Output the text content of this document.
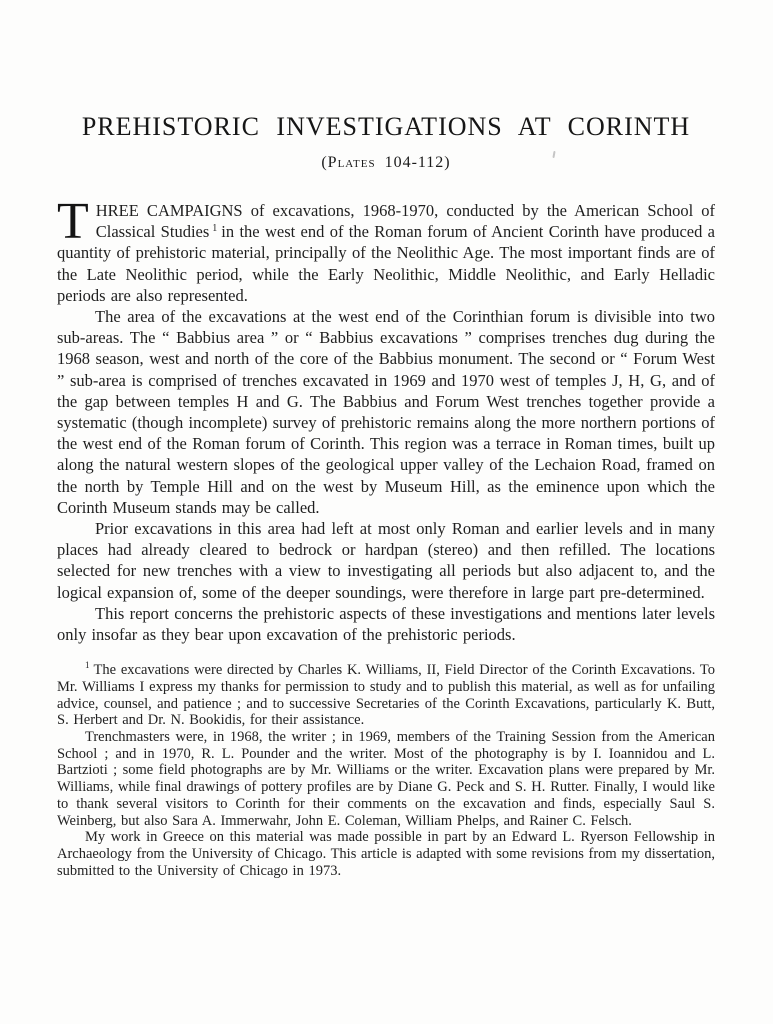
PREHISTORIC INVESTIGATIONS AT CORINTH
(Plates 104-112)

THREE CAMPAIGNS of excavations, 1968-1970, conducted by the American School of Classical Studies $^1$ in the west end of the Roman forum of Ancient Corinth have produced a quantity of prehistoric material, principally of the Neolithic Age. The most important finds are of the Late Neolithic period, while the Early Neolithic, Middle Neolithic, and Early Helladic periods are also represented.

The area of the excavations at the west end of the Corinthian forum is divisible into two sub-areas. The “ Babbius area ” or “ Babbius excavations ” comprises trenches dug during the 1968 season, west and north of the core of the Babbius monument. The second or “ Forum West ” sub-area is comprised of trenches excavated in 1969 and 1970 west of temples J, H, G, and of the gap between temples H and G. The Babbius and Forum West trenches together provide a systematic (though incomplete) survey of prehistoric remains along the more northern portions of the west end of the Roman forum of Corinth. This region was a terrace in Roman times, built up along the natural western slopes of the geological upper valley of the Lechaion Road, framed on the north by Temple Hill and on the west by Museum Hill, as the eminence upon which the Corinth Museum stands may be called.

Prior excavations in this area had left at most only Roman and earlier levels and in many places had already cleared to bedrock or hardpan (stereo) and then refilled. The locations selected for new trenches with a view to investigating all periods but also adjacent to, and the logical expansion of, some of the deeper soundings, were therefore in large part pre-determined.

This report concerns the prehistoric aspects of these investigations and mentions later levels only insofar as they bear upon excavation of the prehistoric periods.

$^1$ The excavations were directed by Charles K. Williams, II, Field Director of the Corinth Excavations. To Mr. Williams I express my thanks for permission to study and to publish this material, as well as for unfailing advice, counsel, and patience ; and to successive Secretaries of the Corinth Excavations, particularly K. Butt, S. Herbert and Dr. N. Bookidis, for their assistance.

Trenchmasters were, in 1968, the writer ; in 1969, members of the Training Session from the American School ; and in 1970, R. L. Pounder and the writer. Most of the photography is by I. Ioannidou and L. Bartzioti ; some field photographs are by Mr. Williams or the writer. Excavation plans were prepared by Mr. Williams, while final drawings of pottery profiles are by Diane G. Peck and S. H. Rutter. Finally, I would like to thank several visitors to Corinth for their comments on the excavation and finds, especially Saul S. Weinberg, but also Sara A. Immerwahr, John E. Coleman, William Phelps, and Rainer C. Felsch.

My work in Greece on this material was made possible in part by an Edward L. Ryerson Fellowship in Archaeology from the University of Chicago. This article is adapted with some revisions from my dissertation, submitted to the University of Chicago in 1973.
